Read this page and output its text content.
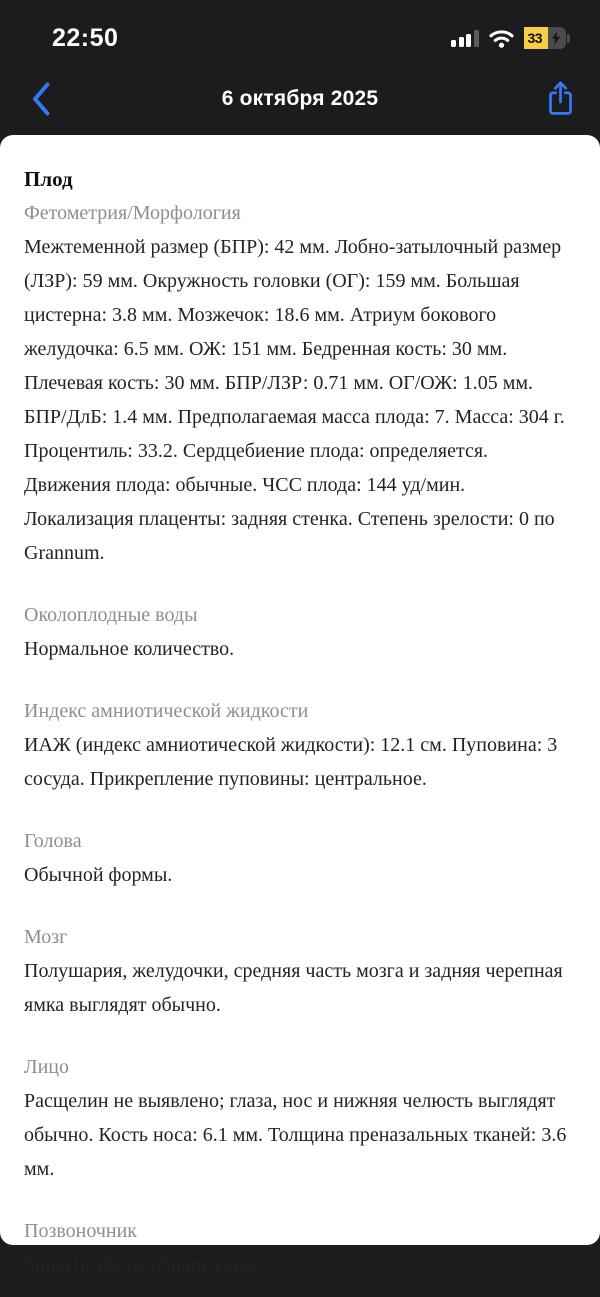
22:50	33
6 октября 2025
Плод
Фетометрия/Морфология
Межтеменной размер (БПР): 42 мм. Лобно-затылочный размер (ЛЗР): 59 мм. Окружность головки (ОГ): 159 мм. Большая цистерна: 3.8 мм. Мозжечок: 18.6 мм. Атриум бокового желудочка: 6.5 мм. ОЖ: 151 мм. Бедренная кость: 30 мм. Плечевая кость: 30 мм. БПР/ЛЗР: 0.71 мм. ОГ/ОЖ: 1.05 мм. БПР/ДлБ: 1.4 мм. Предполагаемая масса плода: 7. Масса: 304 г. Процентиль: 33.2. Сердцебиение плода: определяется. Движения плода: обычные. ЧСС плода: 144 уд/мин. Локализация плаценты: задняя стенка. Степень зрелости: 0 по Grannum.
Околоплодные воды
Нормальное количество.
Индекс амниотической жидкости
ИАЖ (индекс амниотической жидкости): 12.1 см. Пуповина: 3 сосуда. Прикрепление пуповины: центральное.
Голова
Обычной формы.
Мозг
Полушария, желудочки, средняя часть мозга и задняя черепная ямка выглядят обычно.
Лицо
Расщелин не выявлено; глаза, нос и нижняя челюсть выглядят обычно. Кость носа: 6.1 мм. Толщина преназальных тканей: 3.6 мм.
Позвоночник
Spina bifida не обнаружена.
